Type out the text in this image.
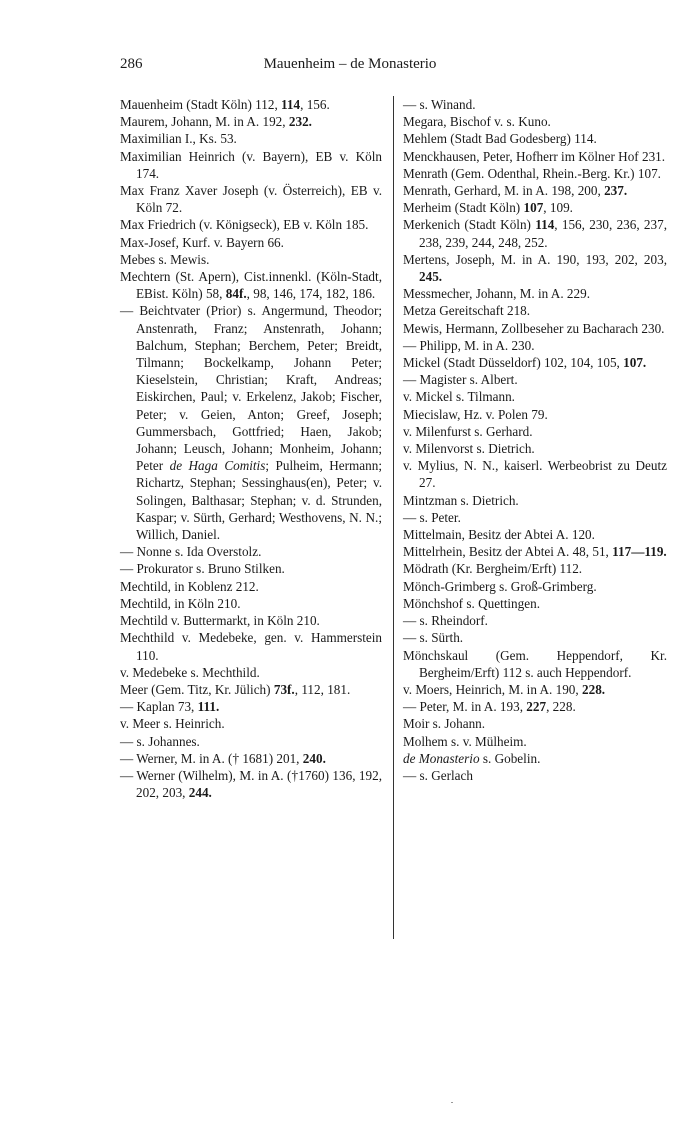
286	Mauenheim – de Monasterio

Mauenheim (Stadt Köln) 112, 114, 156.

Maurem, Johann, M. in A. 192, 232.

Maximilian I., Ks. 53.

Maximilian Heinrich (v. Bayern), EB v. Köln 174.

Max Franz Xaver Joseph (v. Österreich), EB v. Köln 72.

Max Friedrich (v. Königseck), EB v. Köln 185.

Max-Josef, Kurf. v. Bayern 66.

Mebes s. Mewis.

Mechtern (St. Apern), Cist.innenkl. (Köln-Stadt, EBist. Köln) 58, 84f., 98, 146, 174, 182, 186.

— Beichtvater (Prior) s. Angermund, Theodor; Anstenrath, Franz; Anstenrath, Johann; Balchum, Stephan; Berchem, Peter; Breidt, Tilmann; Bockelkamp, Johann Peter; Kieselstein, Christian; Kraft, Andreas; Eiskirchen, Paul; v. Erkelenz, Jakob; Fischer, Peter; v. Geien, Anton; Greef, Joseph; Gummersbach, Gottfried; Haen, Jakob; Johann; Leusch, Johann; Monheim, Johann; Peter de Haga Comitis; Pulheim, Hermann; Richartz, Stephan; Sessinghaus(en), Peter; v. Solingen, Balthasar; Stephan; v. d. Strunden, Kaspar; v. Sürth, Gerhard; Westhovens, N. N.; Willich, Daniel.

— Nonne s. Ida Overstolz.

— Prokurator s. Bruno Stilken.

Mechtild, in Koblenz 212.

Mechtild, in Köln 210.

Mechtild v. Buttermarkt, in Köln 210.

Mechthild v. Medebeke, gen. v. Hammerstein 110.

v. Medebeke s. Mechthild.

Meer (Gem. Titz, Kr. Jülich) 73f., 112, 181.

— Kaplan 73, 111.

v. Meer s. Heinrich.

— s. Johannes.

— Werner, M. in A. († 1681) 201, 240.

— Werner (Wilhelm), M. in A. (†1760) 136, 192, 202, 203, 244.

— s. Winand.

Megara, Bischof v. s. Kuno.

Mehlem (Stadt Bad Godesberg) 114.

Menckhausen, Peter, Hofherr im Kölner Hof 231.

Menrath (Gem. Odenthal, Rhein.-Berg. Kr.) 107.

Menrath, Gerhard, M. in A. 198, 200, 237.

Merheim (Stadt Köln) 107, 109.

Merkenich (Stadt Köln) 114, 156, 230, 236, 237, 238, 239, 244, 248, 252.

Mertens, Joseph, M. in A. 190, 193, 202, 203, 245.

Messmecher, Johann, M. in A. 229.

Metza Gereitschaft 218.

Mewis, Hermann, Zollbeseher zu Bacharach 230.

— Philipp, M. in A. 230.

Mickel (Stadt Düsseldorf) 102, 104, 105, 107.

— Magister s. Albert.

v. Mickel s. Tilmann.

Miecislaw, Hz. v. Polen 79.

v. Milenfurst s. Gerhard.

v. Milenvorst s. Dietrich.

v. Mylius, N. N., kaiserl. Werbeobrist zu Deutz 27.

Mintzman s. Dietrich.

— s. Peter.

Mittelmain, Besitz der Abtei A. 120.

Mittelrhein, Besitz der Abtei A. 48, 51, 117—119.

Mödrath (Kr. Bergheim/Erft) 112.

Mönch-Grimberg s. Groß-Grimberg.

Mönchshof s. Quettingen.

— s. Rheindorf.

— s. Sürth.

Mönchskaul (Gem. Heppendorf, Kr. Bergheim/Erft) 112 s. auch Heppendorf.

v. Moers, Heinrich, M. in A. 190, 228.

— Peter, M. in A. 193, 227, 228.

Moir s. Johann.

Molhem s. v. Mülheim.

de Monasterio s. Gobelin.

— s. Gerlach
